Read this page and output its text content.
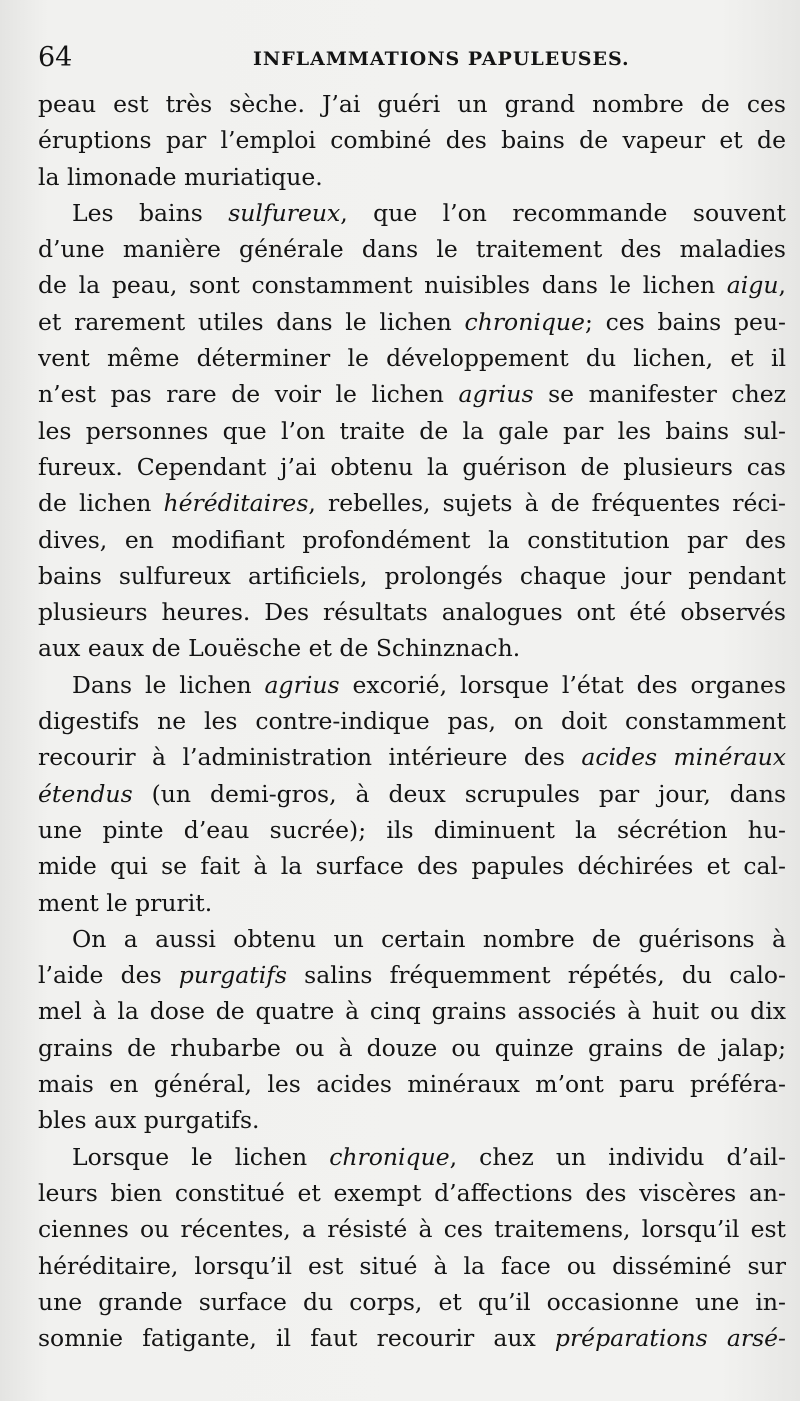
64	INFLAMMATIONS PAPULEUSES.
peau est très sèche. J’ai guéri un grand nombre de ces
éruptions par l’emploi combiné des bains de vapeur et de
la limonade muriatique.
Les bains sulfureux, que l’on recommande souvent
d’une manière générale dans le traitement des maladies
de la peau, sont constamment nuisibles dans le lichen aigu,
et rarement utiles dans le lichen chronique; ces bains peu-
vent même déterminer le développement du lichen, et il
n’est pas rare de voir le lichen agrius se manifester chez
les personnes que l’on traite de la gale par les bains sul-
fureux. Cependant j’ai obtenu la guérison de plusieurs cas
de lichen héréditaires, rebelles, sujets à de fréquentes réci-
dives, en modifiant profondément la constitution par des
bains sulfureux artificiels, prolongés chaque jour pendant
plusieurs heures. Des résultats analogues ont été observés
aux eaux de Louësche et de Schinznach.
Dans le lichen agrius excorié, lorsque l’état des organes
digestifs ne les contre-indique pas, on doit constamment
recourir à l’administration intérieure des acides minéraux
étendus (un demi-gros, à deux scrupules par jour, dans
une pinte d’eau sucrée); ils diminuent la sécrétion hu-
mide qui se fait à la surface des papules déchirées et cal-
ment le prurit.
On a aussi obtenu un certain nombre de guérisons à
l’aide des purgatifs salins fréquemment répétés, du calo-
mel à la dose de quatre à cinq grains associés à huit ou dix
grains de rhubarbe ou à douze ou quinze grains de jalap;
mais en général, les acides minéraux m’ont paru préféra-
bles aux purgatifs.
Lorsque le lichen chronique, chez un individu d’ail-
leurs bien constitué et exempt d’affections des viscères an-
ciennes ou récentes, a résisté à ces traitemens, lorsqu’il est
héréditaire, lorsqu’il est situé à la face ou disséminé sur
une grande surface du corps, et qu’il occasionne une in-
somnie fatigante, il faut recourir aux préparations arsé-
